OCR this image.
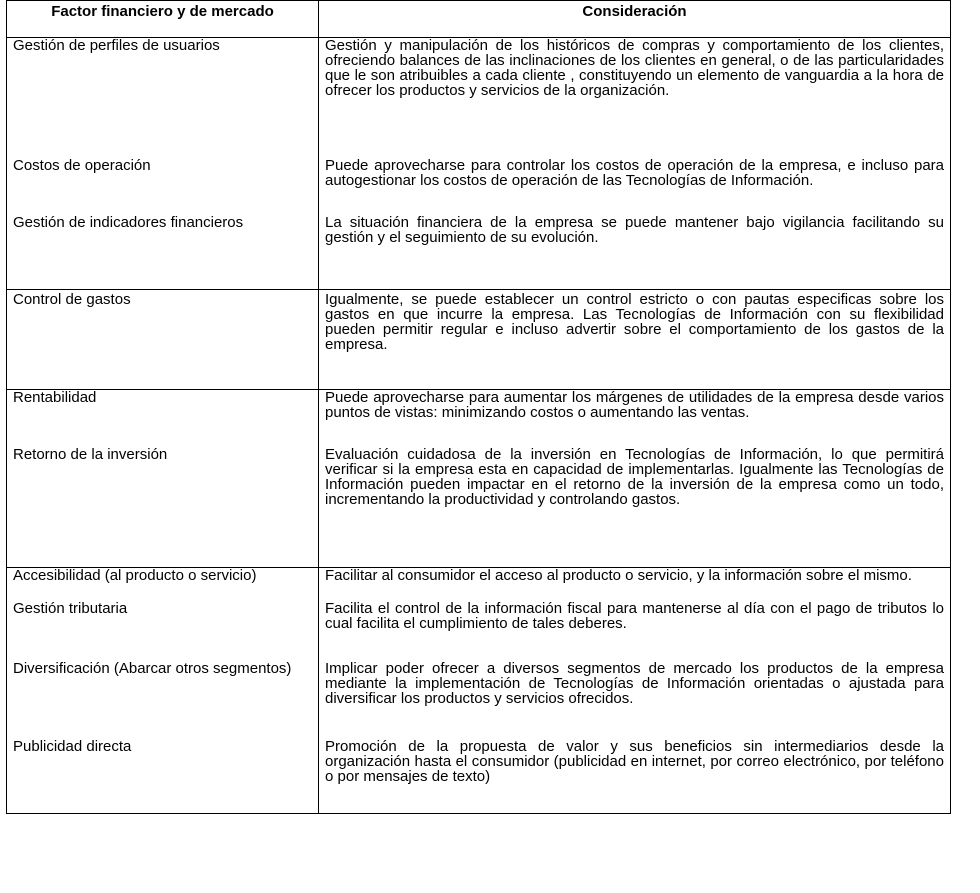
Factor financiero y de mercado	Consideración
Gestión de perfiles de usuarios	Gestión y manipulación de los históricos de compras y comportamiento de los clientes, ofreciendo balances de las inclinaciones de los clientes en general, o de las particularidades que le son atribuibles a cada cliente , constituyendo un elemento de vanguardia a la hora de ofrecer los productos y servicios de la organización.
Costos de operación	Puede aprovecharse para controlar los costos de operación de la empresa, e incluso para autogestionar los costos de operación de las Tecnologías de Información.
Gestión de indicadores financieros	La situación financiera de la empresa se puede mantener bajo vigilancia facilitando su gestión y el seguimiento de su evolución.
Control de gastos	Igualmente, se puede establecer un control estricto o con pautas especificas sobre los gastos en que incurre la empresa. Las Tecnologías de Información con su flexibilidad pueden permitir regular e incluso advertir sobre el comportamiento de los gastos de la empresa.
Rentabilidad	Puede aprovecharse para aumentar los márgenes de utilidades de la empresa desde varios puntos de vistas: minimizando costos o aumentando las ventas.
Retorno de la inversión	Evaluación cuidadosa de la inversión en Tecnologías de Información, lo que permitirá verificar si la empresa esta en capacidad de implementarlas. Igualmente las Tecnologías de Información pueden impactar en el retorno de la inversión de la empresa como un todo, incrementando la productividad y controlando gastos.
Accesibilidad (al producto o servicio)	Facilitar al consumidor el acceso al producto o servicio, y la información sobre el mismo.
Gestión tributaria	Facilita el control de la información fiscal para mantenerse al día con el pago de tributos lo cual facilita el cumplimiento de tales deberes.
Diversificación (Abarcar otros segmentos)	Implicar poder ofrecer a diversos segmentos de mercado los productos de la empresa mediante la implementación de Tecnologías de Información orientadas o ajustada para diversificar los productos y servicios ofrecidos.
Publicidad directa	Promoción de la propuesta de valor y sus beneficios sin intermediarios desde la organización hasta el consumidor (publicidad en internet, por correo electrónico, por teléfono o por mensajes de texto)
